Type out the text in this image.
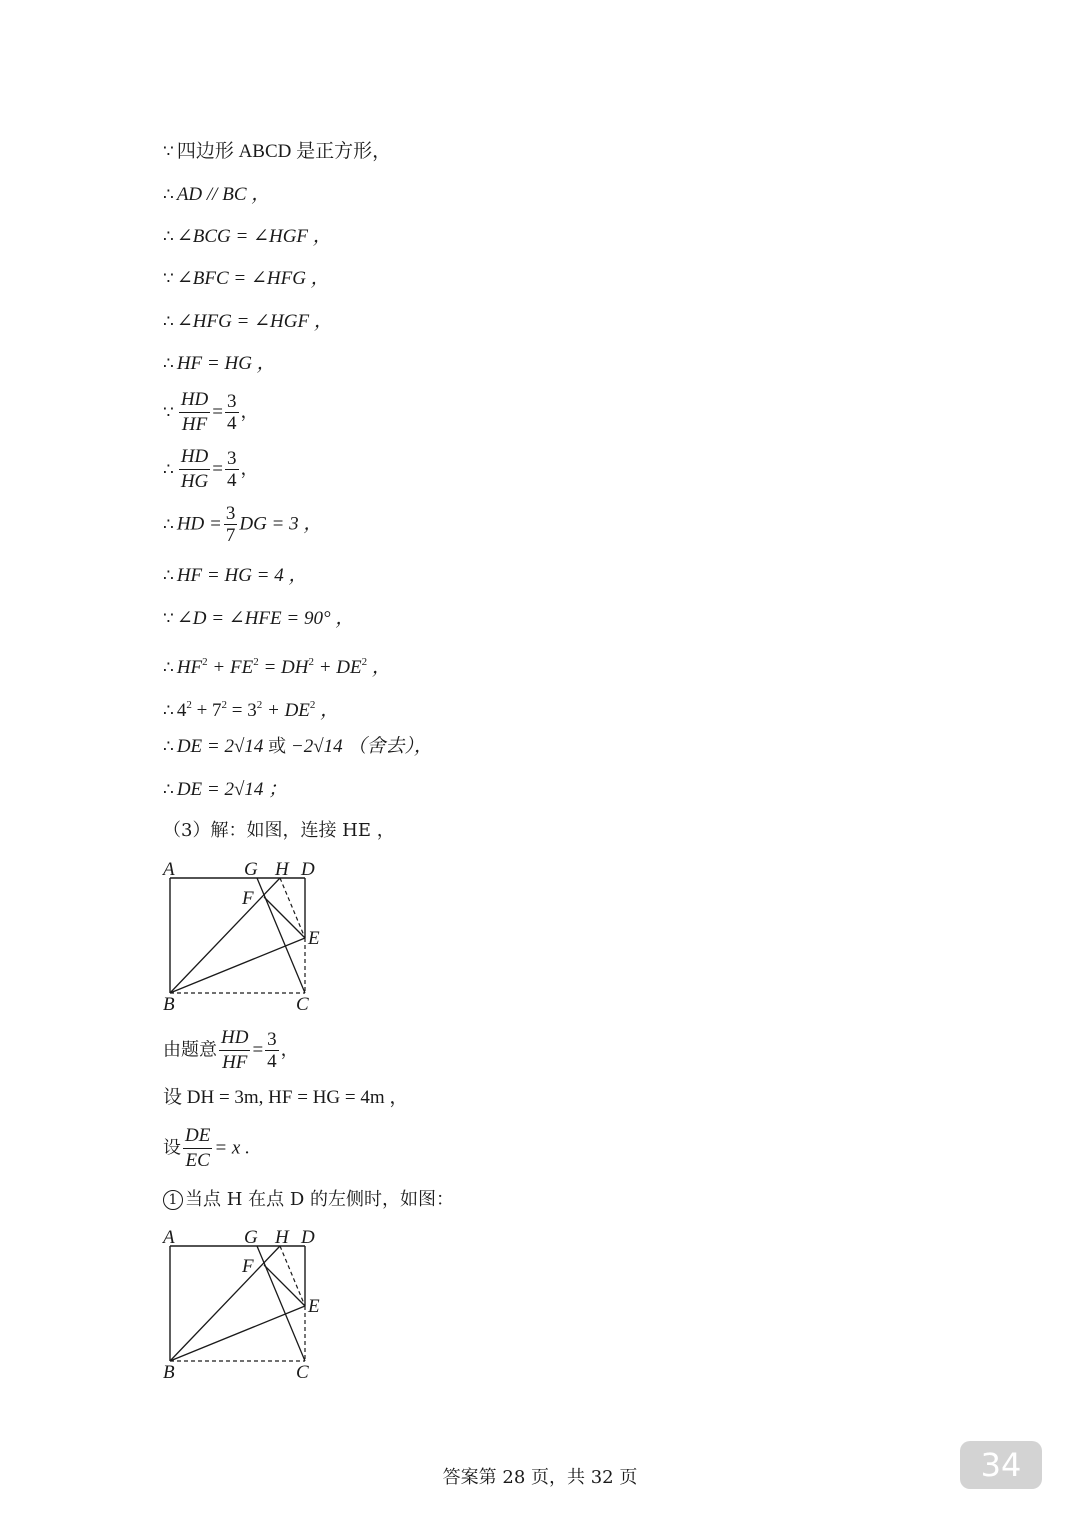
∵ 四边形 ABCD 是正方形，
∴ AD // BC ，
∴ ∠BCG = ∠HGF ，
∵ ∠BFC = ∠HFG ，
∴ ∠HFG = ∠HGF ，
∴ HF = HG ，
∵ $\frac{HD}{HF} = \frac{3}{4}$ ，
∴ $\frac{HD}{HG} = \frac{3}{4}$ ，
∴ HD = $\frac{3}{7}$ DG = 3 ，
∴ HF = HG = 4 ，
∵ ∠D = ∠HFE = 90° ，
∴ $HF^2 + FE^2 = DH^2 + DE^2$ ，
∴ $4^2 + 7^2 = 3^2 + DE^2$ ，
∴ DE = 2√14 或 −2√14 （舍去），
∴ DE = 2√14 ；
（3）解：如图，连接 HE ，
A	G H D
F
E
B	C
由题意 $\frac{HD}{HF} = \frac{3}{4}$ ，
设 DH = 3m, HF = HG = 4m ，
设 $\frac{DE}{EC} = x$ .
1 当点 H 在点 D 的左侧时，如图：
A	G H D
F
E
B	C
答案第 28 页，共 32 页	34
